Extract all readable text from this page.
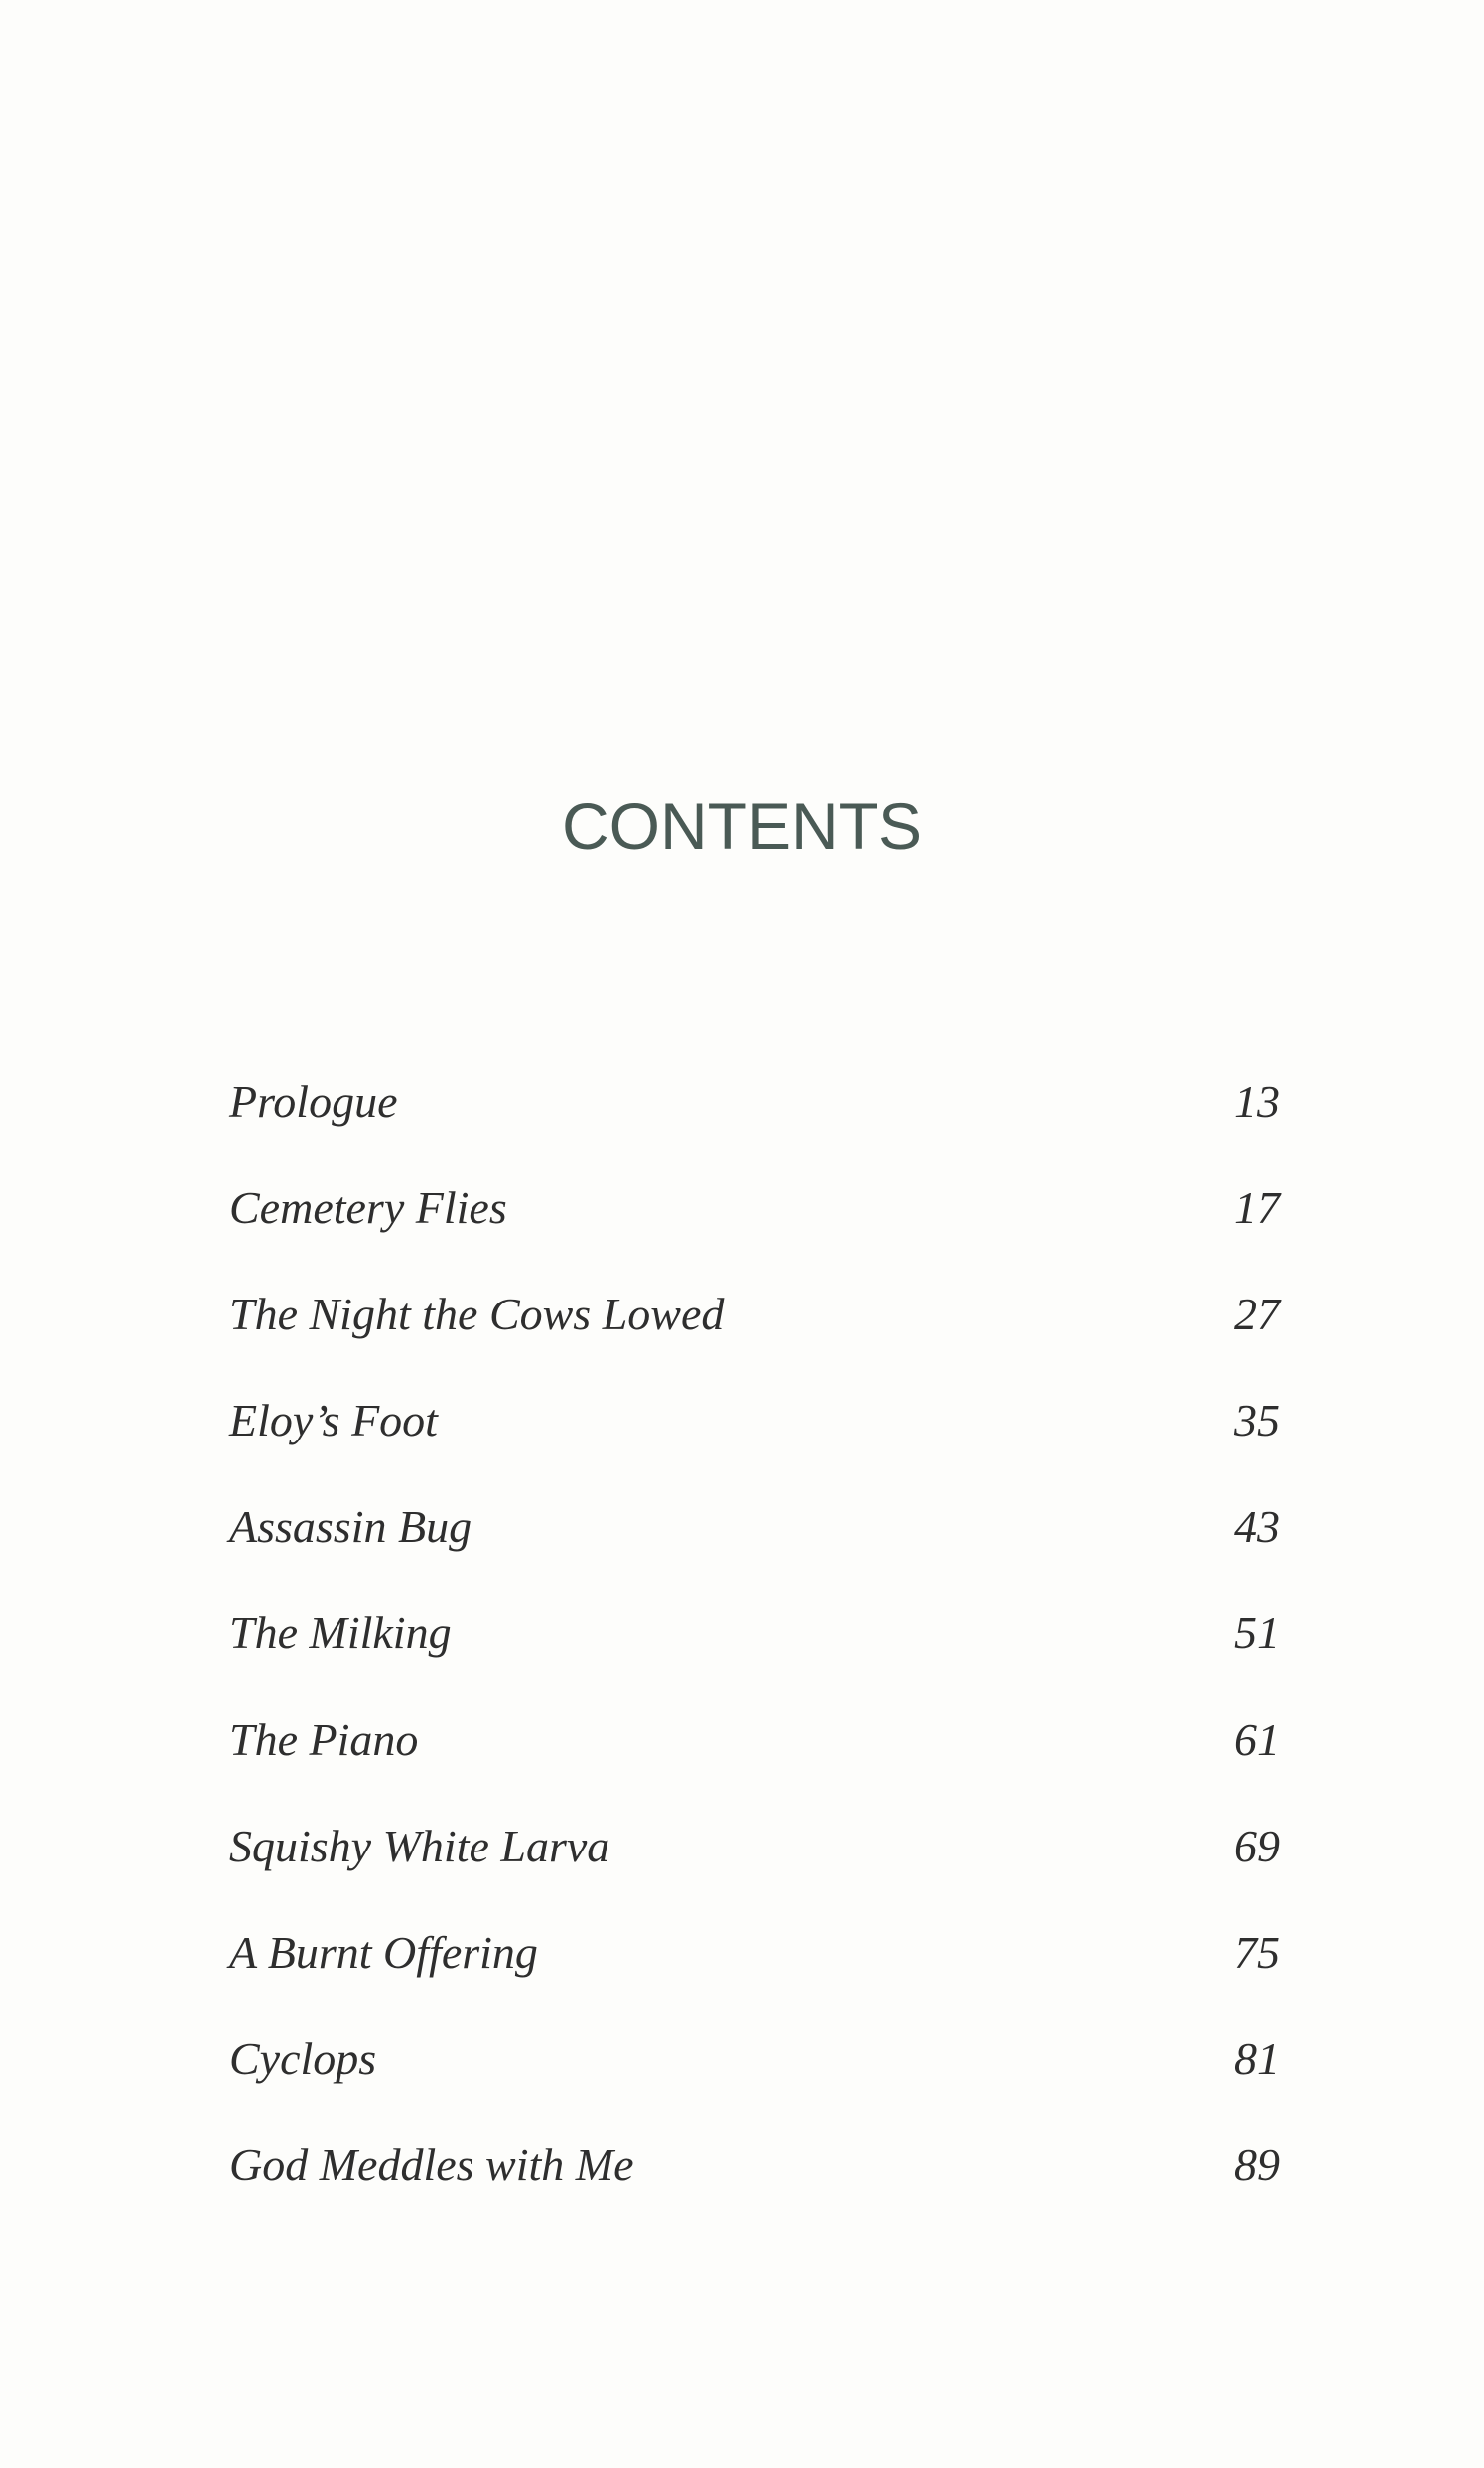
CONTENTS
Prologue	13
Cemetery Flies	17
The Night the Cows Lowed	27
Eloy’s Foot	35
Assassin Bug	43
The Milking	51
The Piano	61
Squishy White Larva	69
A Burnt Offering	75
Cyclops	81
God Meddles with Me	89
